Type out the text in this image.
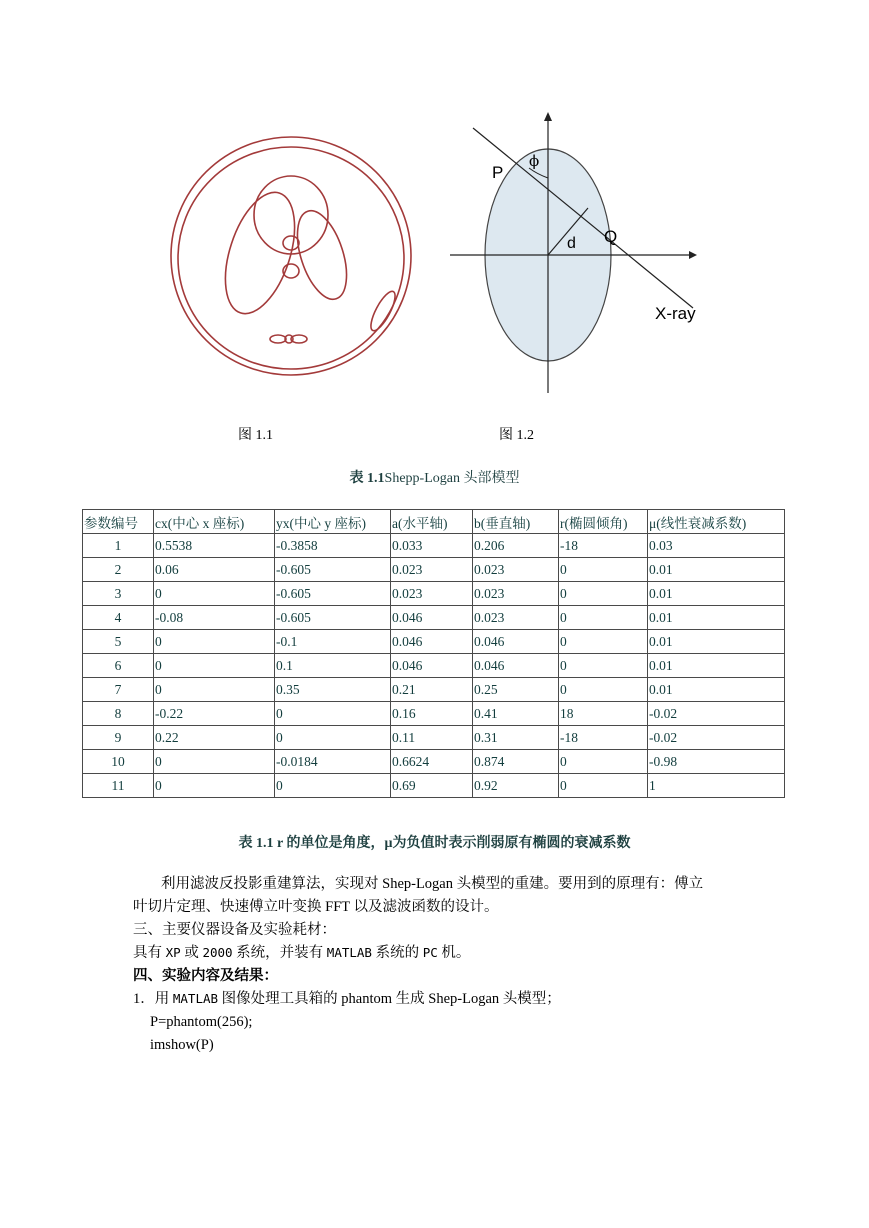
P
ϕ
d Q
X-ray
图 1.1	图 1.2
表 1.1Shepp-Logan 头部模型
参数编号	cx(中心 x 座标)	yx(中心 y 座标)	a(水平轴)	b(垂直轴)	r(椭圆倾角)	μ(线性衰减系数)
1	0.5538	-0.3858	0.033	0.206	-18	0.03
2	0.06	-0.605	0.023	0.023	0	0.01
3	0	-0.605	0.023	0.023	0	0.01
4	-0.08	-0.605	0.046	0.023	0	0.01
5	0	-0.1	0.046	0.046	0	0.01
6	0	0.1	0.046	0.046	0	0.01
7	0	0.35	0.21	0.25	0	0.01
8	-0.22	0	0.16	0.41	18	-0.02
9	0.22	0	0.11	0.31	-18	-0.02
10	0	-0.0184	0.6624	0.874	0	-0.98
11	0	0	0.69	0.92	0	1
表 1.1 r 的单位是角度，μ为负值时表示削弱原有椭圆的衰减系数
利用滤波反投影重建算法，实现对 Shep-Logan 头模型的重建。要用到的原理有：傅立
叶切片定理、快速傅立叶变换 FFT 以及滤波函数的设计。
三、主要仪器设备及实验耗材：
具有 XP 或 2000 系统，并装有 MATLAB 系统的 PC 机。
四、实验内容及结果：
1．用 MATLAB 图像处理工具箱的 phantom 生成 Shep-Logan 头模型；
P=phantom(256);
imshow(P)
